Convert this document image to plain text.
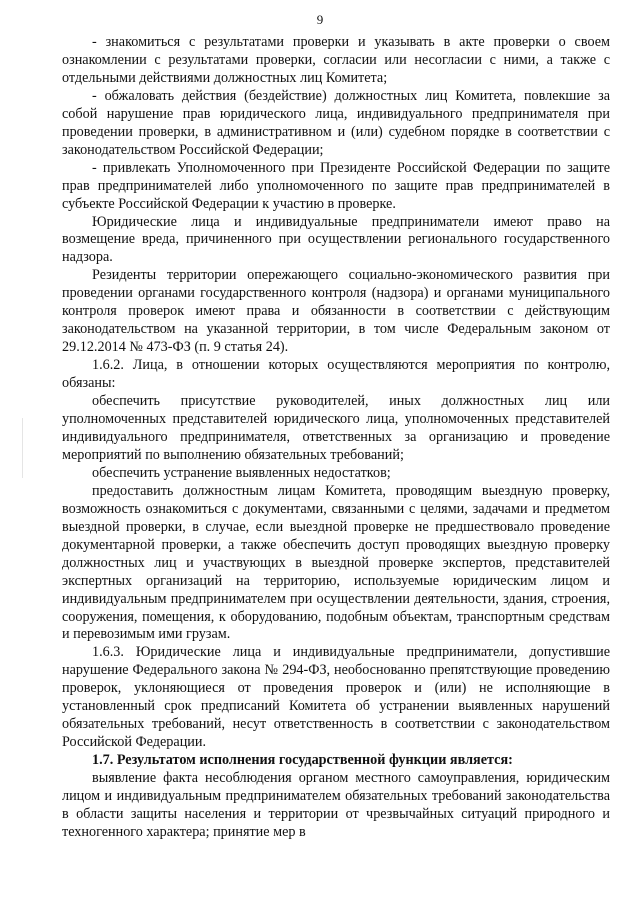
9

- знакомиться с результатами проверки и указывать в акте проверки о своем ознакомлении с результатами проверки, согласии или несогласии с ними, а также с отдельными действиями должностных лиц Комитета;

- обжаловать действия (бездействие) должностных лиц Комитета, повлекшие за собой нарушение прав юридического лица, индивидуального предпринимателя при проведении проверки, в административном и (или) судебном порядке в соответствии с законодательством Российской Федерации;

- привлекать Уполномоченного при Президенте Российской Федерации по защите прав предпринимателей либо уполномоченного по защите прав предпринимателей в субъекте Российской Федерации к участию в проверке.

Юридические лица и индивидуальные предприниматели имеют право на возмещение вреда, причиненного при осуществлении регионального государственного надзора.

Резиденты территории опережающего социально-экономического развития при проведении органами государственного контроля (надзора) и органами муниципального контроля проверок имеют права и обязанности в соответствии с действующим законодательством на указанной территории, в том числе Федеральным законом от 29.12.2014 № 473-ФЗ (п. 9 статья 24).

1.6.2. Лица, в отношении которых осуществляются мероприятия по контролю, обязаны:

обеспечить присутствие руководителей, иных должностных лиц или уполномоченных представителей юридического лица, уполномоченных представителей индивидуального предпринимателя, ответственных за организацию и проведение мероприятий по выполнению обязательных требований;

обеспечить устранение выявленных недостатков;

предоставить должностным лицам Комитета, проводящим выездную проверку, возможность ознакомиться с документами, связанными с целями, задачами и предметом выездной проверки, в случае, если выездной проверке не предшествовало проведение документарной проверки, а также обеспечить доступ проводящих выездную проверку должностных лиц и участвующих в выездной проверке экспертов, представителей экспертных организаций на территорию, используемые юридическим лицом и индивидуальным предпринимателем при осуществлении деятельности, здания, строения, сооружения, помещения, к оборудованию, подобным объектам, транспортным средствам и перевозимым ими грузам.

1.6.3. Юридические лица и индивидуальные предприниматели, допустившие нарушение Федерального закона № 294-ФЗ, необоснованно препятствующие проведению проверок, уклоняющиеся от проведения проверок и (или) не исполняющие в установленный срок предписаний Комитета об устранении выявленных нарушений обязательных требований, несут ответственность в соответствии с законодательством Российской Федерации.

1.7. Результатом исполнения государственной функции является:

выявление факта несоблюдения органом местного самоуправления, юридическим лицом и индивидуальным предпринимателем обязательных требований законодательства в области защиты населения и территории от чрезвычайных ситуаций природного и техногенного характера; принятие мер в
